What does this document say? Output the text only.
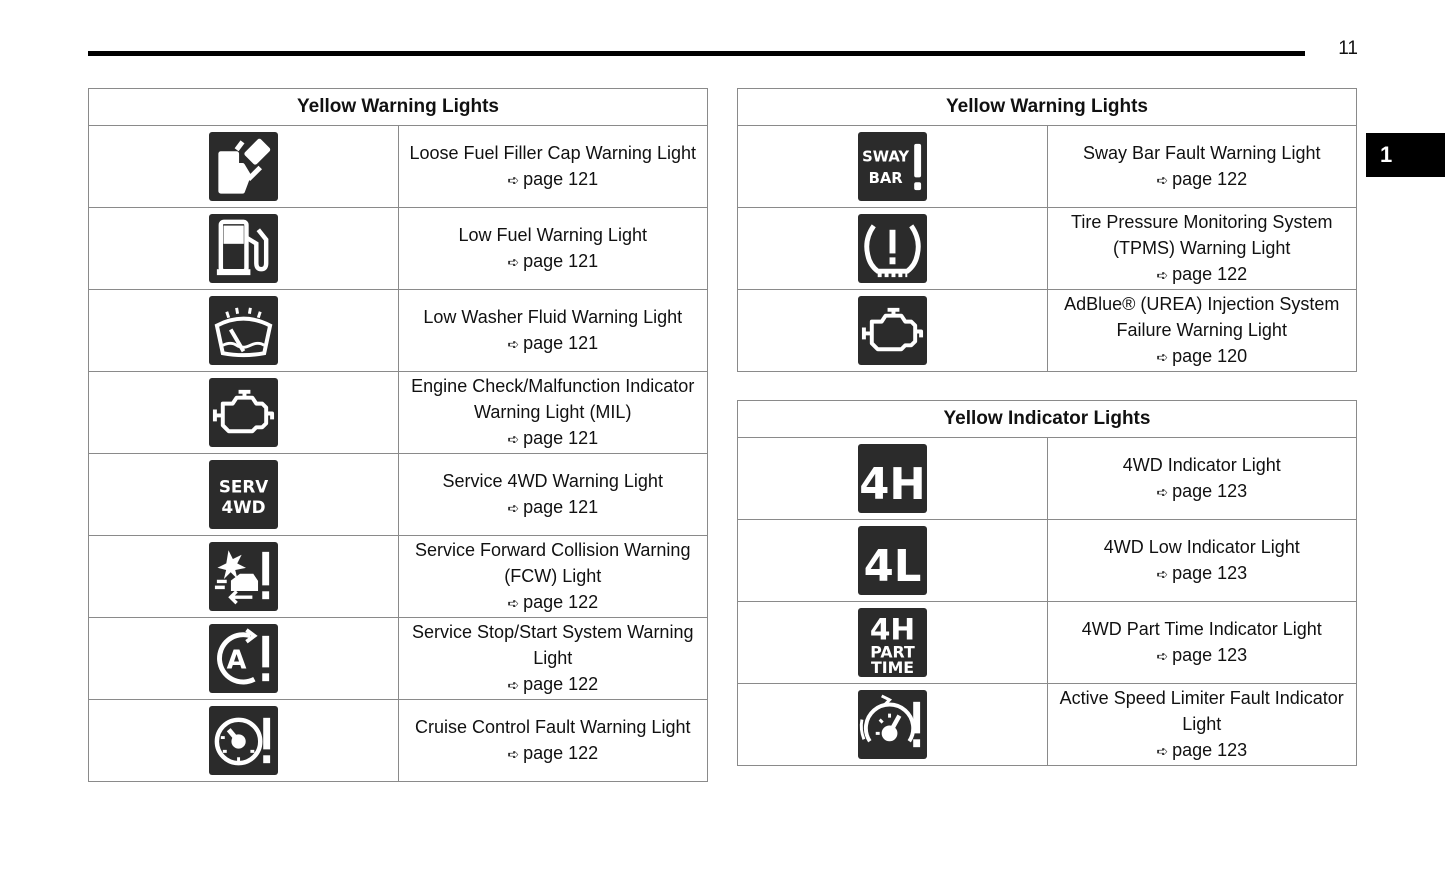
11
1
Yellow Warning Lights	

Loose Fuel Filler Cap Warning Light
➪ page 121

Low Fuel Warning Light
➪ page 121

Low Washer Fluid Warning Light
➪ page 121

Engine Check/Malfunction Indicator Warning Light (MIL)
➪ page 121

SERV
4WD	Service 4WD Warning Light
➪ page 121

Service Forward Collision Warning (FCW) Light
➪ page 122

A	Service Stop/Start System Warning Light
➪ page 122

Cruise Control Fault Warning Light
➪ page 122
Yellow Warning Lights	

SWAY
BAR	Sway Bar Fault Warning Light
➪ page 122

Tire Pressure Monitoring System (TPMS) Warning Light
➪ page 122

AdBlue® (UREA) Injection System Failure Warning Light
➪ page 120
Yellow Indicator Lights	

4H	4WD Indicator Light
➪ page 123

4L	4WD Low Indicator Light
➪ page 123

4H
PART
TIME	4WD Part Time Indicator Light
➪ page 123

Active Speed Limiter Fault Indicator Light
➪ page 123
